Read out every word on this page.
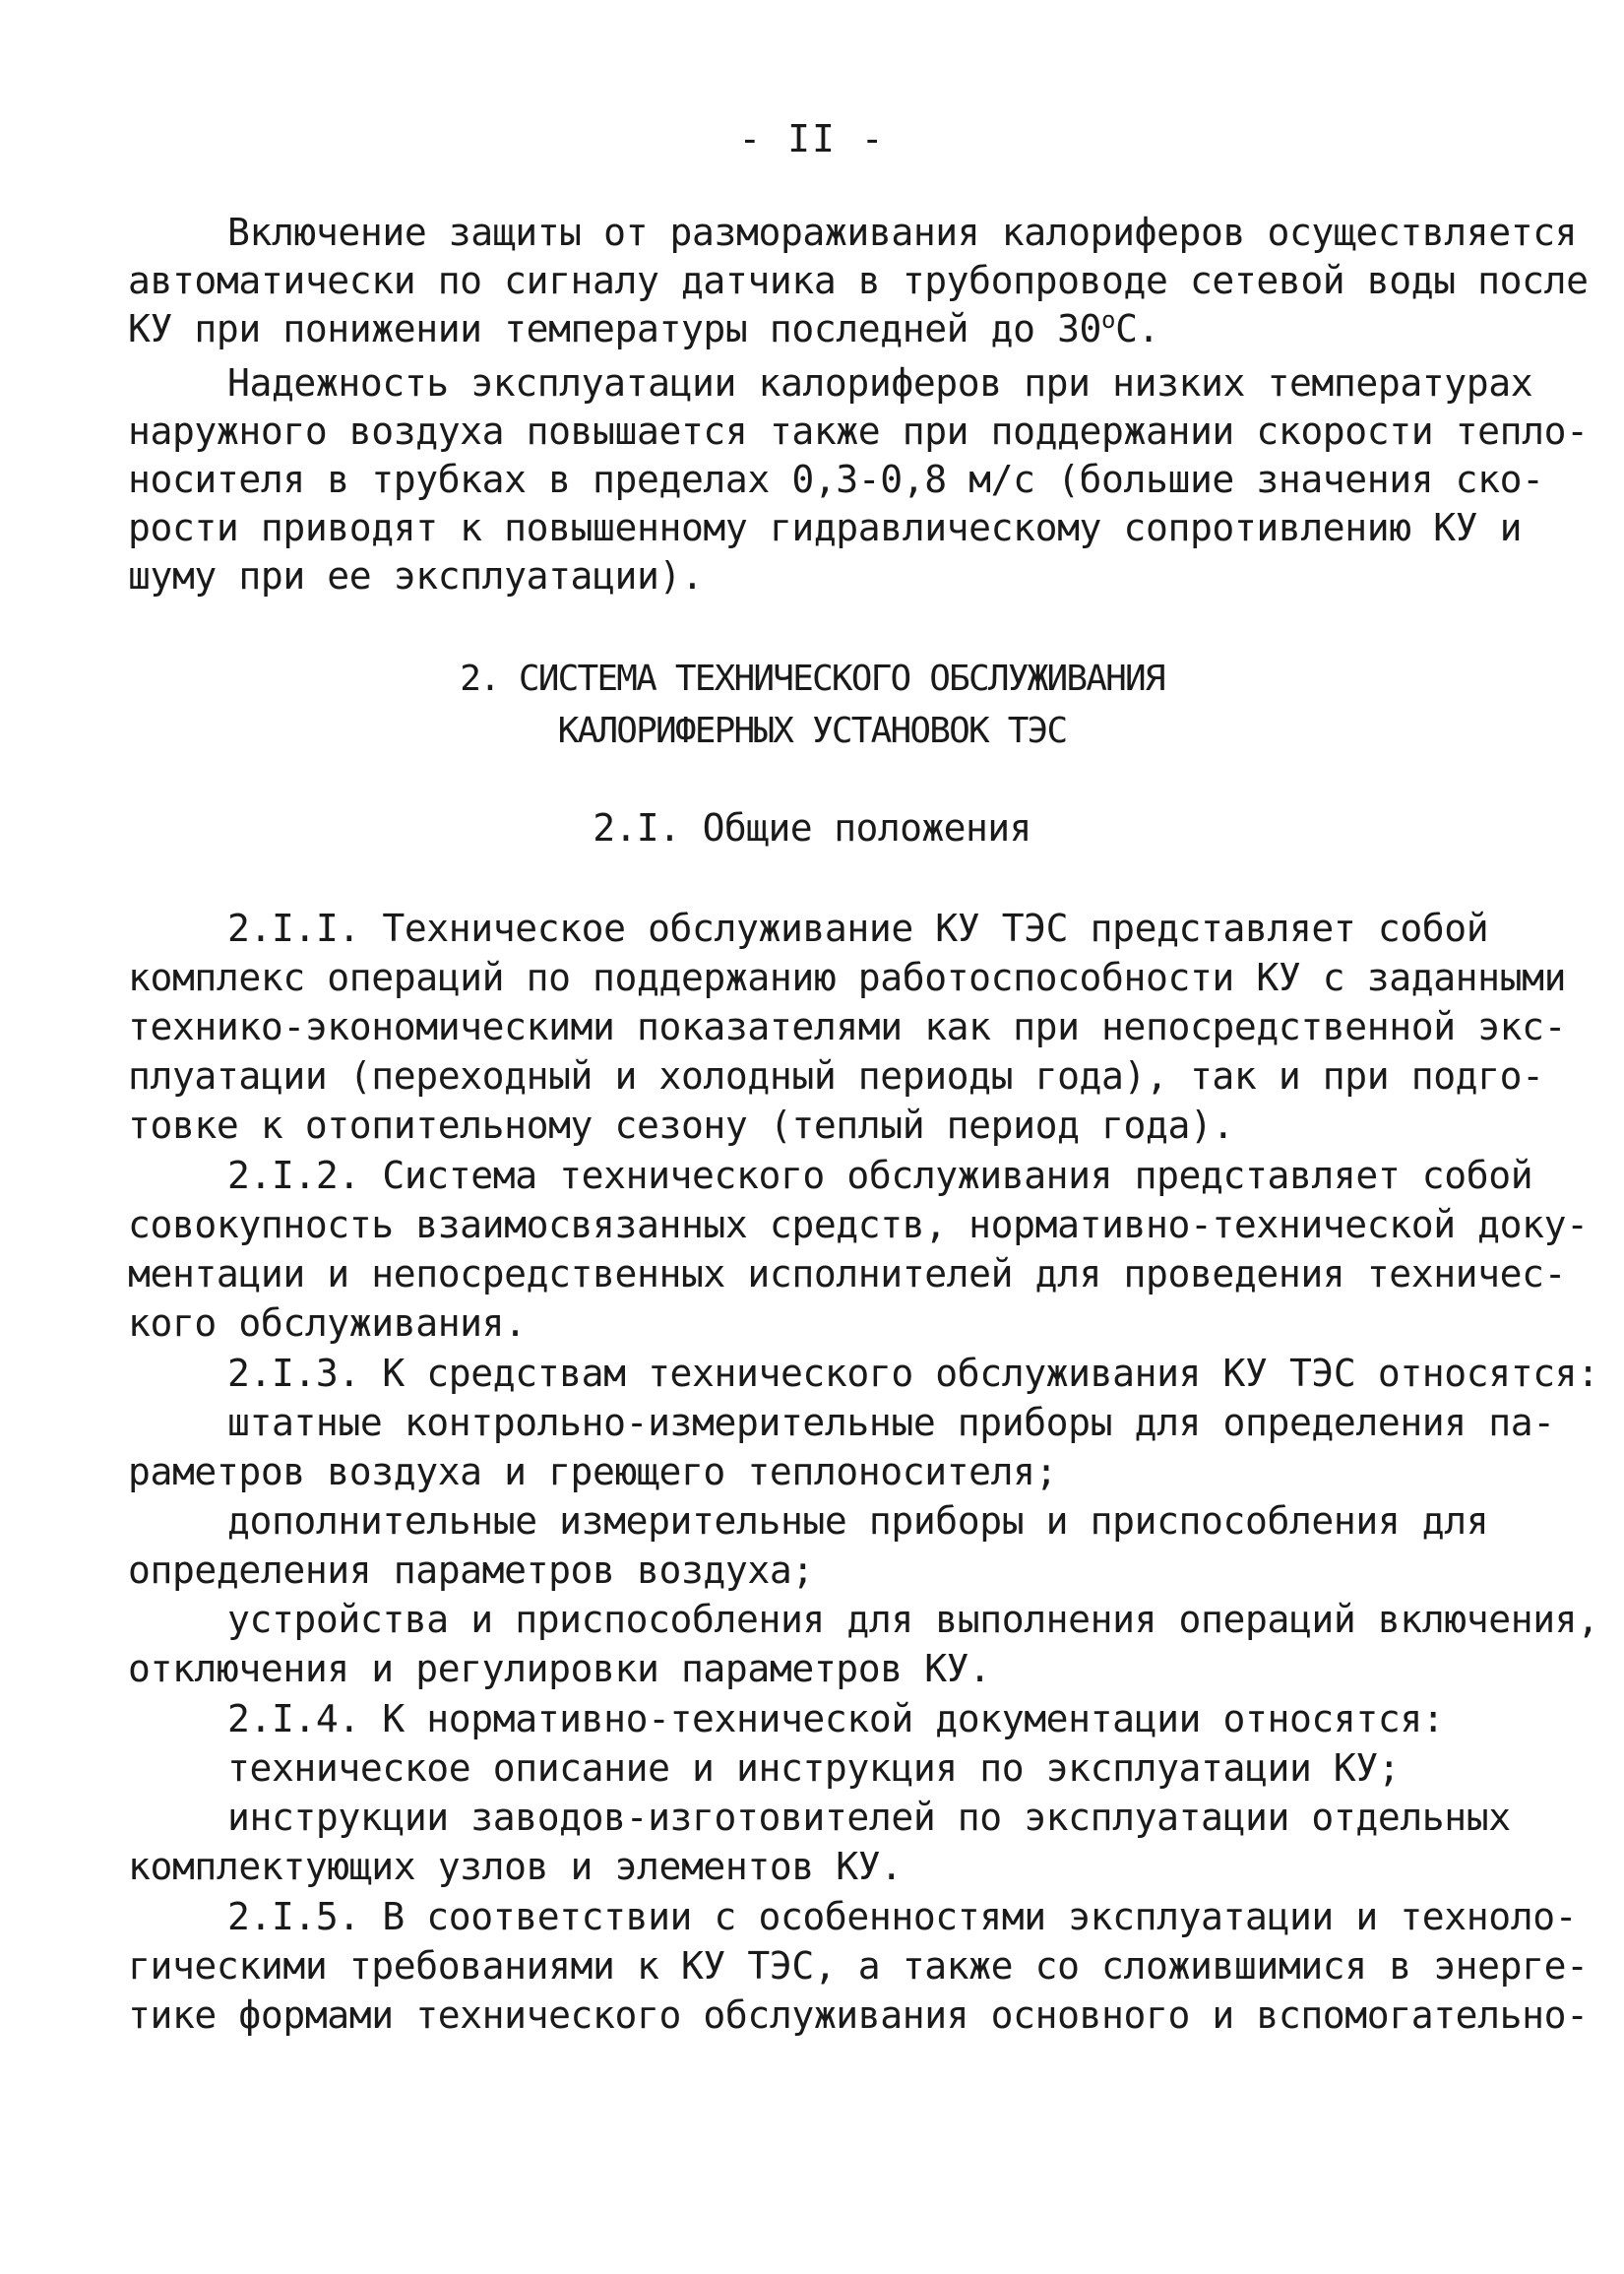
- II -

Включение защиты от размораживания калориферов осуществляется

автоматически по сигналу датчика в трубопроводе сетевой воды после

КУ при понижении температуры последней до $30^оС$.

Надежность эксплуатации калориферов при низких температурах

наружного воздуха повышается также при поддержании скорости тепло-

носителя в трубках в пределах 0,3-0,8 м/с (большие значения ско-

рости приводят к повышенному гидравлическому сопротивлению КУ и

шуму при ее эксплуатации).

2. СИСТЕМА ТЕХНИЧЕСКОГО ОБСЛУЖИВАНИЯ

КАЛОРИФЕРНЫХ УСТАНОВОК ТЭС

2.I. Общие положения

2.I.I. Техническое обслуживание КУ ТЭС представляет собой

комплекс операций по поддержанию работоспособности КУ с заданными

технико-экономическими показателями как при непосредственной экс-

плуатации (переходный и холодный периоды года), так и при подго-

товке к отопительному сезону (теплый период года).

2.I.2. Система технического обслуживания представляет собой

совокупность взаимосвязанных средств, нормативно-технической доку-

ментации и непосредственных исполнителей для проведения техничес-

кого обслуживания.

2.I.3. К средствам технического обслуживания КУ ТЭС относятся:

штатные контрольно-измерительные приборы для определения па-

раметров воздуха и греющего теплоносителя;

дополнительные измерительные приборы и приспособления для

определения параметров воздуха;

устройства и приспособления для выполнения операций включения,

отключения и регулировки параметров КУ.

2.I.4. К нормативно-технической документации относятся:

техническое описание и инструкция по эксплуатации КУ;

инструкции заводов-изготовителей по эксплуатации отдельных

комплектующих узлов и элементов КУ.

2.I.5. В соответствии с особенностями эксплуатации и техноло-

гическими требованиями к КУ ТЭС, а также со сложившимися в энерге-

тике формами технического обслуживания основного и вспомогательно-
